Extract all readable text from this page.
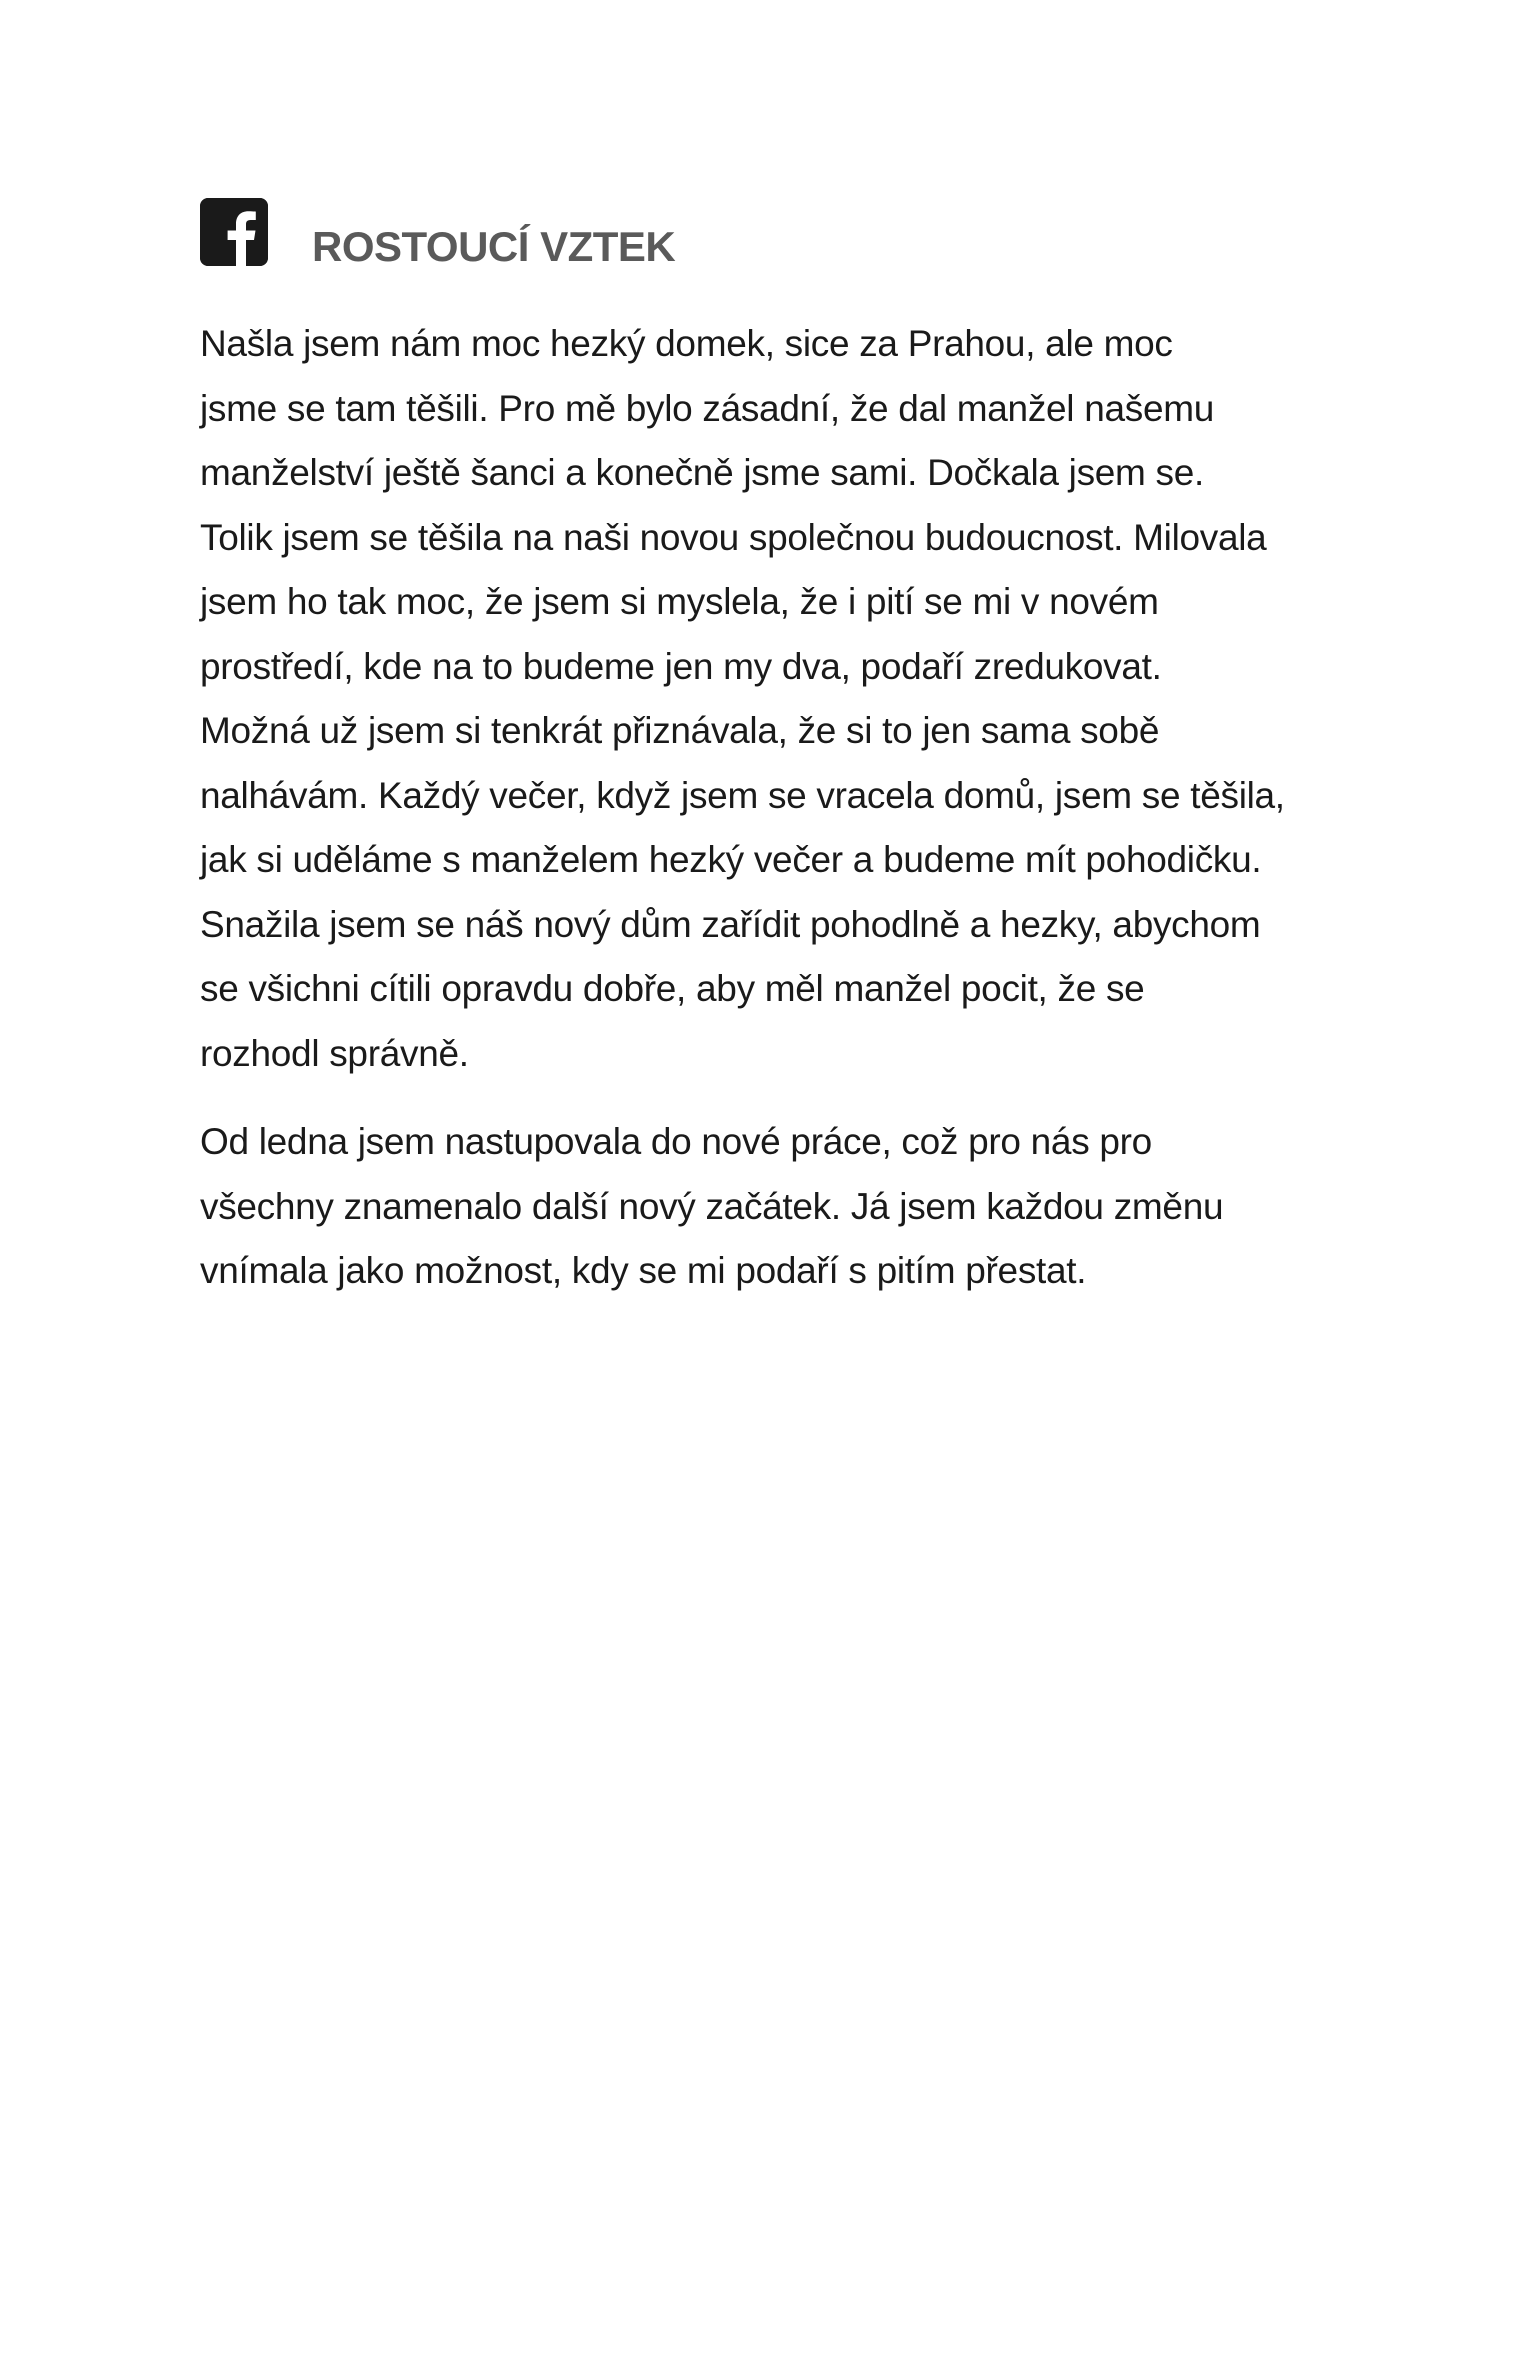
ROSTOUCÍ VZTEK
Našla jsem nám moc hezký domek, sice za Prahou, ale moc
jsme se tam těšili. Pro mě bylo zásadní, že dal manžel našemu
manželství ještě šanci a konečně jsme sami. Dočkala jsem se.
Tolik jsem se těšila na naši novou společnou budoucnost. Milovala
jsem ho tak moc, že jsem si myslela, že i pití se mi v novém
prostředí, kde na to budeme jen my dva, podaří zredukovat.
Možná už jsem si tenkrát přiznávala, že si to jen sama sobě
nalhávám. Každý večer, když jsem se vracela domů, jsem se těšila,
jak si uděláme s manželem hezký večer a budeme mít pohodičku.
Snažila jsem se náš nový dům zařídit pohodlně a hezky, abychom
se všichni cítili opravdu dobře, aby měl manžel pocit, že se
rozhodl správně.
Od ledna jsem nastupovala do nové práce, což pro nás pro
všechny znamenalo další nový začátek. Já jsem každou změnu
vnímala jako možnost, kdy se mi podaří s pitím přestat.
